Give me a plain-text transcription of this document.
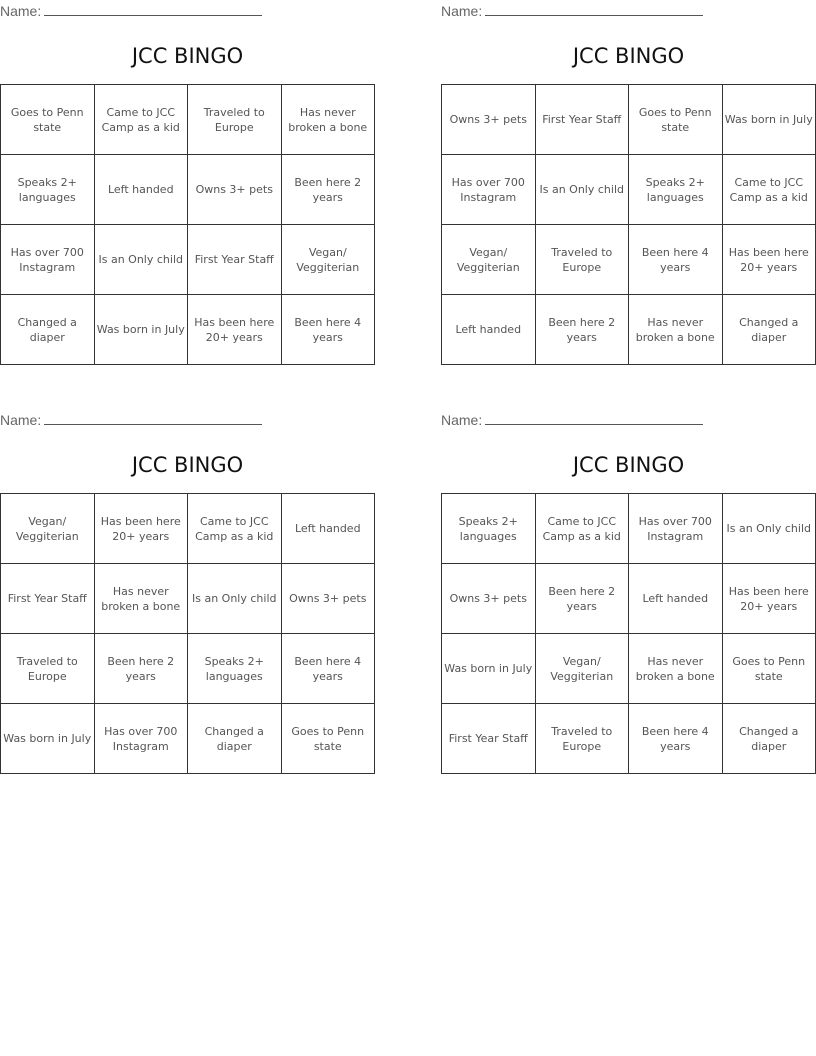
Name:
JCC BINGO
Goes to Penn state	Came to JCC Camp as a kid	Traveled to Europe	Has never broken a bone
Speaks 2+ languages	Left handed	Owns 3+ pets	Been here 2 years
Has over 700 Instagram	Is an Only child	First Year Staff	Vegan/ Veggiterian
Changed a diaper	Was born in July	Has been here 20+ years	Been here 4 years
Name:
JCC BINGO
Owns 3+ pets	First Year Staff	Goes to Penn state	Was born in July
Has over 700 Instagram	Is an Only child	Speaks 2+ languages	Came to JCC Camp as a kid
Vegan/ Veggiterian	Traveled to Europe	Been here 4 years	Has been here 20+ years
Left handed	Been here 2 years	Has never broken a bone	Changed a diaper
Name:
JCC BINGO
Vegan/ Veggiterian	Has been here 20+ years	Came to JCC Camp as a kid	Left handed
First Year Staff	Has never broken a bone	Is an Only child	Owns 3+ pets
Traveled to Europe	Been here 2 years	Speaks 2+ languages	Been here 4 years
Was born in July	Has over 700 Instagram	Changed a diaper	Goes to Penn state
Name:
JCC BINGO
Speaks 2+ languages	Came to JCC Camp as a kid	Has over 700 Instagram	Is an Only child
Owns 3+ pets	Been here 2 years	Left handed	Has been here 20+ years
Was born in July	Vegan/ Veggiterian	Has never broken a bone	Goes to Penn state
First Year Staff	Traveled to Europe	Been here 4 years	Changed a diaper
